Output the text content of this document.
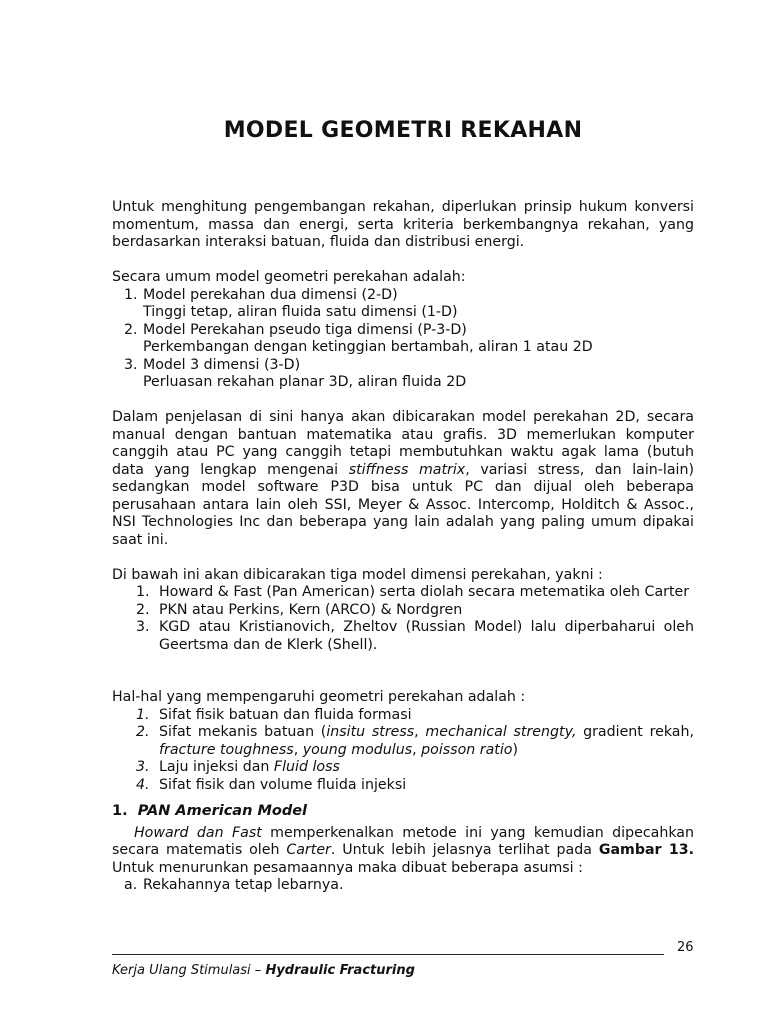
MODEL GEOMETRI REKAHAN

Untuk menghitung pengembangan rekahan, diperlukan prinsip hukum konversi momentum, massa dan energi, serta kriteria berkembangnya rekahan, yang berdasarkan interaksi batuan, fluida dan distribusi energi.

Secara umum model geometri perekahan adalah:

1. Model perekahan dua dimensi (2-D)
Tinggi tetap, aliran fluida satu dimensi (1-D)
2. Model Perekahan pseudo tiga dimensi (P-3-D)
Perkembangan dengan ketinggian bertambah, aliran 1 atau 2D
3. Model 3 dimensi (3-D)
Perluasan rekahan planar 3D, aliran fluida 2D

Dalam penjelasan di sini hanya akan dibicarakan model perekahan 2D, secara manual dengan bantuan matematika atau grafis. 3D memerlukan komputer canggih atau PC yang canggih tetapi membutuhkan waktu agak lama (butuh data yang lengkap mengenai stiffness matrix, variasi stress, dan lain-lain) sedangkan model software P3D bisa untuk PC dan dijual oleh beberapa perusahaan antara lain oleh SSI, Meyer & Assoc. Intercomp, Holditch & Assoc., NSI Technologies Inc dan beberapa yang lain adalah yang paling umum dipakai saat ini.

Di bawah ini akan dibicarakan tiga model dimensi perekahan, yakni :

1. Howard & Fast (Pan American) serta diolah secara metematika oleh Carter
2. PKN atau Perkins, Kern (ARCO) & Nordgren
3. KGD atau Kristianovich, Zheltov (Russian Model) lalu diperbaharui oleh Geertsma dan de Klerk (Shell).

Hal-hal yang mempengaruhi geometri perekahan adalah :

1. Sifat fisik batuan dan fluida formasi
2. Sifat mekanis batuan (insitu stress, mechanical strengty, gradient rekah, fracture toughness, young modulus, poisson ratio)
3. Laju injeksi dan Fluid loss
4. Sifat fisik dan volume fluida injeksi
1. PAN American Model

Howard dan Fast memperkenalkan metode ini yang kemudian dipecahkan secara matematis oleh Carter. Untuk lebih jelasnya terlihat pada Gambar 13. Untuk menurunkan pesamaannya maka dibuat beberapa asumsi :

a. Rekahannya tetap lebarnya.
26
Kerja Ulang Stimulasi – Hydraulic Fracturing
